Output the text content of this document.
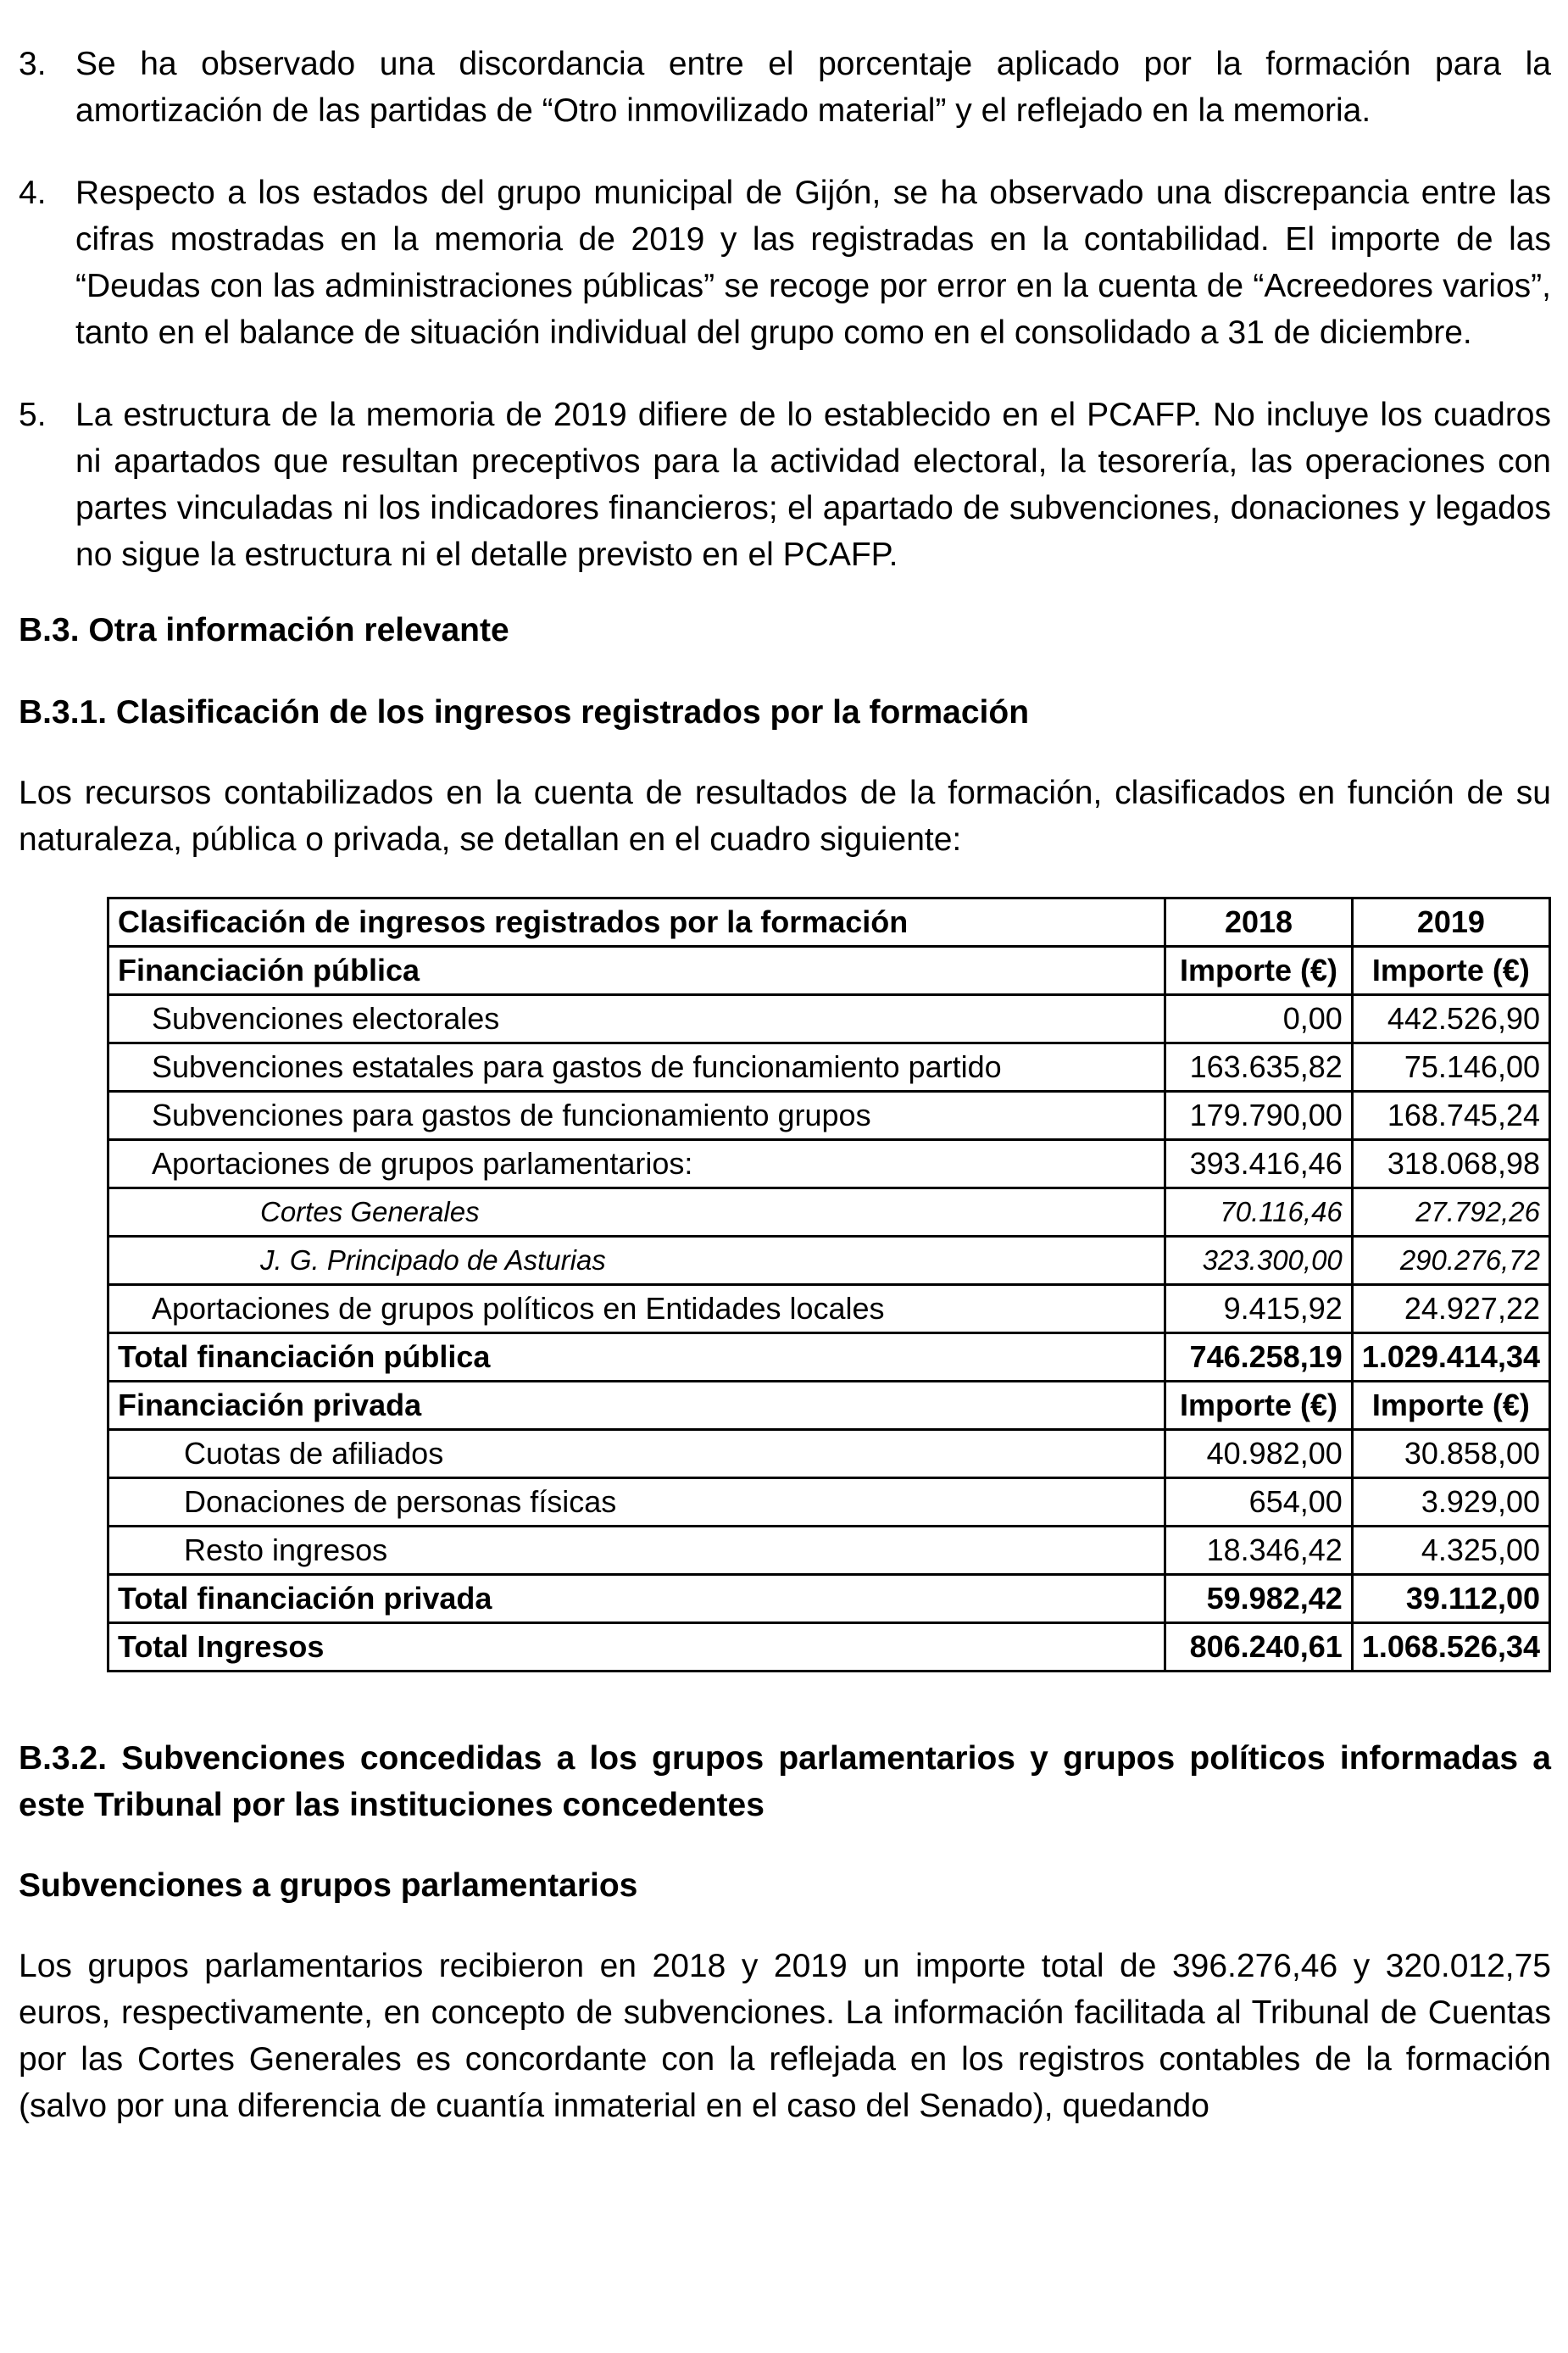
3. Se ha observado una discordancia entre el porcentaje aplicado por la formación para la amortización de las partidas de “Otro inmovilizado material” y el reflejado en la memoria.
4. Respecto a los estados del grupo municipal de Gijón, se ha observado una discrepancia entre las cifras mostradas en la memoria de 2019 y las registradas en la contabilidad. El importe de las “Deudas con las administraciones públicas” se recoge por error en la cuenta de “Acreedores varios”, tanto en el balance de situación individual del grupo como en el consolidado a 31 de diciembre.
5. La estructura de la memoria de 2019 difiere de lo establecido en el PCAFP. No incluye los cuadros ni apartados que resultan preceptivos para la actividad electoral, la tesorería, las operaciones con partes vinculadas ni los indicadores financieros; el apartado de subvenciones, donaciones y legados no sigue la estructura ni el detalle previsto en el PCAFP.
B.3. Otra información relevante
B.3.1. Clasificación de los ingresos registrados por la formación

Los recursos contabilizados en la cuenta de resultados de la formación, clasificados en función de su naturaleza, pública o privada, se detallan en el cuadro siguiente:

Clasificación de ingresos registrados por la formación	2018	2019
Financiación pública	Importe (€)	Importe (€)
Subvenciones electorales	0,00	442.526,90
Subvenciones estatales para gastos de funcionamiento partido	163.635,82	75.146,00
Subvenciones para gastos de funcionamiento grupos	179.790,00	168.745,24
Aportaciones de grupos parlamentarios:	393.416,46	318.068,98
Cortes Generales	70.116,46	27.792,26
J. G. Principado de Asturias	323.300,00	290.276,72
Aportaciones de grupos políticos en Entidades locales	9.415,92	24.927,22
Total financiación pública	746.258,19	1.029.414,34
Financiación privada	Importe (€)	Importe (€)
Cuotas de afiliados	40.982,00	30.858,00
Donaciones de personas físicas	654,00	3.929,00
Resto ingresos	18.346,42	4.325,00
Total financiación privada	59.982,42	39.112,00
Total Ingresos	806.240,61	1.068.526,34
B.3.2. Subvenciones concedidas a los grupos parlamentarios y grupos políticos informadas a este Tribunal por las instituciones concedentes
Subvenciones a grupos parlamentarios

Los grupos parlamentarios recibieron en 2018 y 2019 un importe total de 396.276,46 y 320.012,75 euros, respectivamente, en concepto de subvenciones. La información facilitada al Tribunal de Cuentas por las Cortes Generales es concordante con la reflejada en los registros contables de la formación (salvo por una diferencia de cuantía inmaterial en el caso del Senado), quedando
